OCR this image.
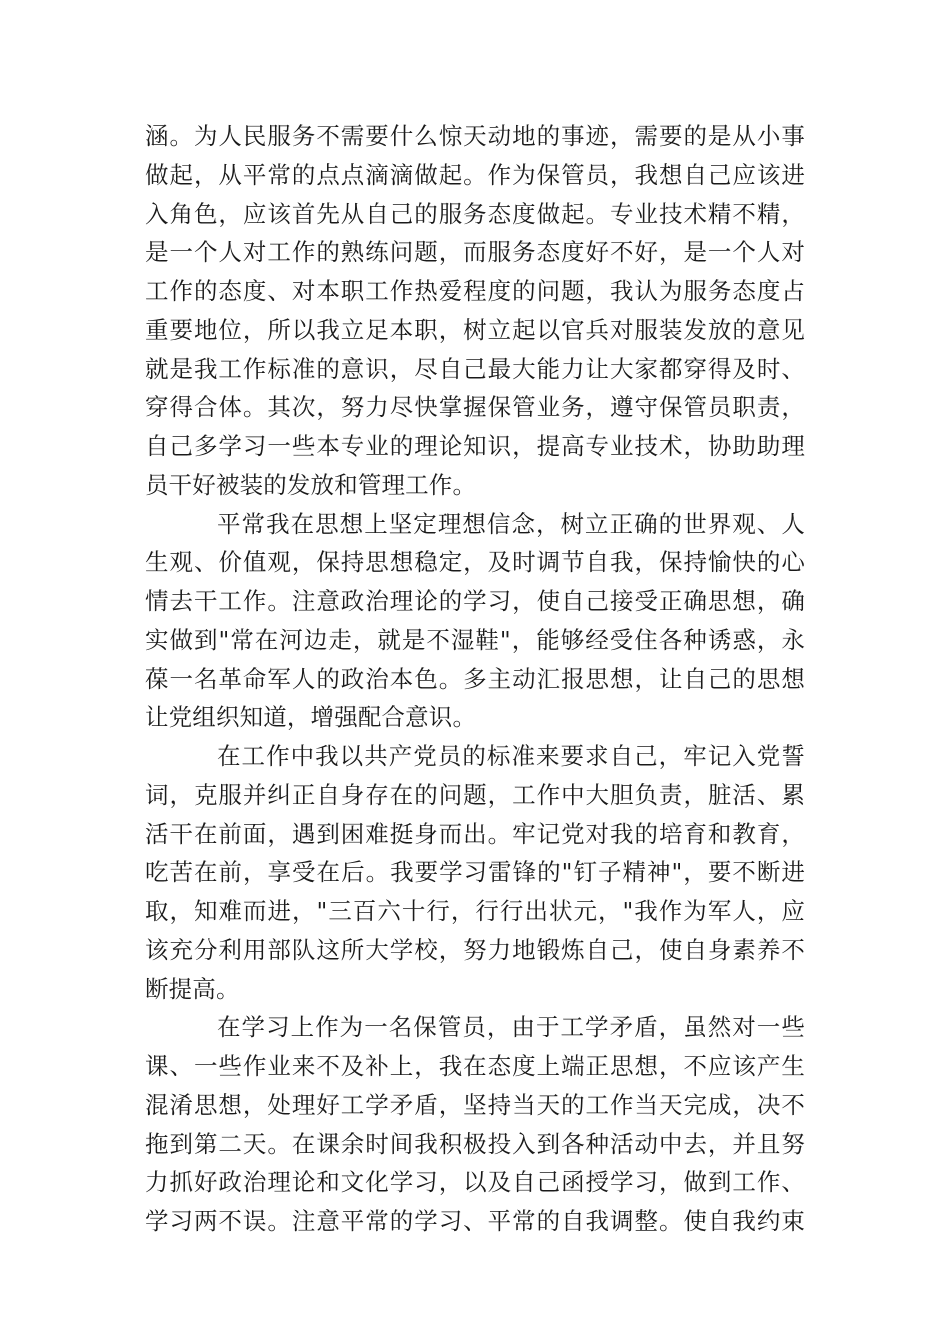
涵。为人民服务不需要什么惊天动地的事迹，需要的是从小事
做起，从平常的点点滴滴做起。作为保管员，我想自己应该进
入角色，应该首先从自己的服务态度做起。专业技术精不精，
是一个人对工作的熟练问题，而服务态度好不好，是一个人对
工作的态度、对本职工作热爱程度的问题，我认为服务态度占
重要地位，所以我立足本职，树立起以官兵对服装发放的意见
就是我工作标准的意识，尽自己最大能力让大家都穿得及时、
穿得合体。其次，努力尽快掌握保管业务，遵守保管员职责，
自己多学习一些本专业的理论知识，提高专业技术，协助助理
员干好被装的发放和管理工作。
平常我在思想上坚定理想信念，树立正确的世界观、人
生观、价值观，保持思想稳定，及时调节自我，保持愉快的心
情去干工作。注意政治理论的学习，使自己接受正确思想，确
实做到"常在河边走，就是不湿鞋"，能够经受住各种诱惑，永
葆一名革命军人的政治本色。多主动汇报思想，让自己的思想
让党组织知道，增强配合意识。
在工作中我以共产党员的标准来要求自己，牢记入党誓
词，克服并纠正自身存在的问题，工作中大胆负责，脏活、累
活干在前面，遇到困难挺身而出。牢记党对我的培育和教育，
吃苦在前，享受在后。我要学习雷锋的"钉子精神"，要不断进
取，知难而进，"三百六十行，行行出状元，"我作为军人，应
该充分利用部队这所大学校，努力地锻炼自己，使自身素养不
断提高。
在学习上作为一名保管员，由于工学矛盾，虽然对一些
课、一些作业来不及补上，我在态度上端正思想，不应该产生
混淆思想，处理好工学矛盾，坚持当天的工作当天完成，决不
拖到第二天。在课余时间我积极投入到各种活动中去，并且努
力抓好政治理论和文化学习，以及自己函授学习，做到工作、
学习两不误。注意平常的学习、平常的自我调整。使自我约束
